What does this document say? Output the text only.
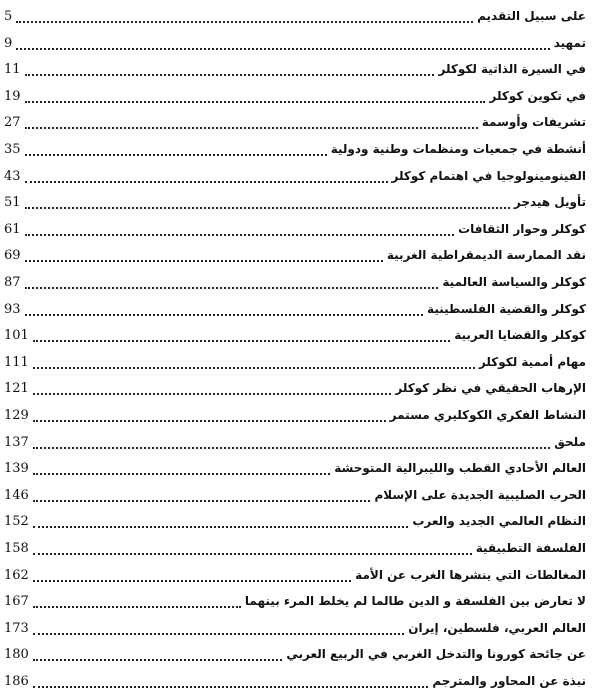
5	على سبيل التقديم
9	تمهيد
11	في السيرة الذاتية لكوكلر
19	في تكوين كوكلر
27	تشريفات وأوسمة
35	أنشطة في جمعيات ومنظمات وطنية ودولية
43	الفينومينولوجيا في اهتمام كوكلر
51	تأويل هيدجر
61	كوكلر وحوار الثقافات
69	نقد الممارسة الديمقراطية الغربية
87	كوكلر والسياسة العالمية
93	كوكلر والقضية الفلسطينية
101	كوكلر والقضايا العربية
111	مهام أممية لكوكلر
121	الإرهاب الحقيقي في نظر كوكلر
129	النشاط الفكري الكوكليري مستمر
137	ملحق
139	العالم الأحادي القطب والليبرالية المتوحشة
146	الحرب الصليبية الجديدة على الإسلام
152	النظام العالمي الجديد والعرب
158	الفلسفة التطبيقية
162	المغالطات التي ينشرها الغرب عن الأمة
167	لا تعارض بين الفلسفة و الدين طالما لم يخلط المرء بينهما
173	العالم العربي، فلسطين، إيران
180	عن جائحة كورونا والتدخل الغربي في الربيع العربي
186	نبذة عن المحاور والمترجم
